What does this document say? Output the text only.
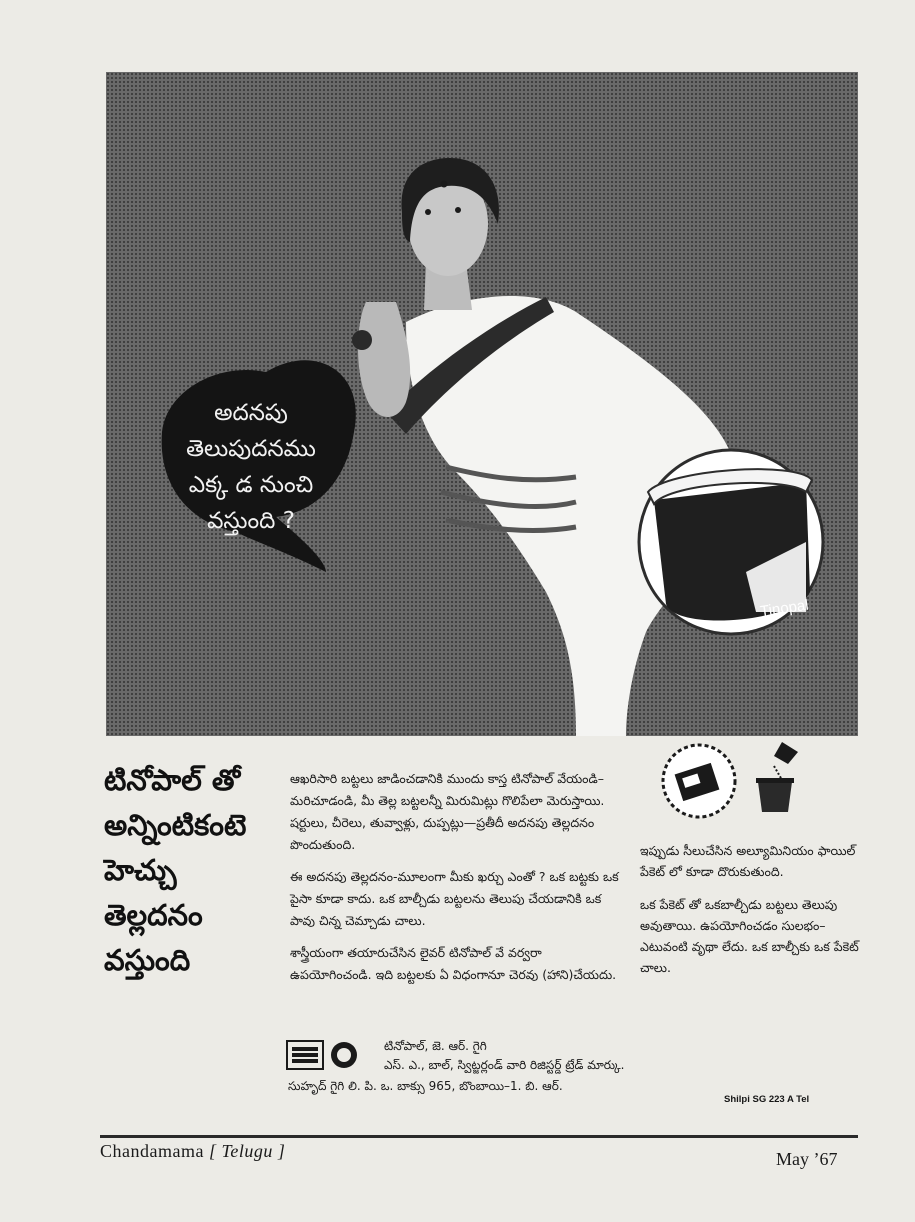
Tinopal
అదనపు
తెలుపుదనము
ఎక్క డ నుంచి
వస్తుంది ?
టినోపాల్ తో
అన్నింటికంటె
హెచ్చు
తెల్లదనం
వస్తుంది

ఆఖరిసారి బట్టలు జాడించడానికి ముందు కాస్త టినోపాల్ వేయండి–మరిచూడండి, మీ తెల్ల బట్టలన్నీ మిరుమిట్లు గొలిపేలా మెరుస్తాయి. షర్టులు, చీరెలు, తువ్వాళ్లు, దుప్పట్లు—ప్రతీదీ అదనపు తెల్లదనం పొందుతుంది.

ఈ అదనపు తెల్లదనం-మూలంగా మీకు ఖర్చు ఎంతో ? ఒక బట్టకు ఒక పైసా కూడా కాదు. ఒక బాల్చీడు బట్టలను తెలుపు చేయడానికి ఒక పావు చిన్న చెమ్చాడు చాలు.

శాస్త్రీయంగా తయారుచేసిన లైవర్ టినోపాల్ వే వర్వరా ఉపయోగించండి. ఇది బట్టలకు ఏ విధంగానూ చెరవు (హాని)చేయదు.

ఇప్పుడు సీలుచేసిన అల్యూమినియం ఫాయిల్ పేకెట్ లో కూడా దొరుకుతుంది.

ఒక పేకెట్ తో ఒకబాల్చీడు బట్టలు తెలుపు అవుతాయి. ఉపయోగించడం సులభం–ఎటువంటి వృథా లేదు. ఒక బాల్చీకు ఒక పేకెట్ చాలు.

టినోపాల్, జె. ఆర్. గైగి
ఎస్. ఎ., బాల్, స్విట్జర్లండ్ వారి రిజిస్టర్డ్ ట్రేడ్ మార్కు.
సుహృద్ గైగి లి. పి. ఒ. బాక్సు 965, బొంబాయి–1. బి. ఆర్.
Shilpi SG 223 A Tel
Chandamama [ Telugu ]	May ’67
